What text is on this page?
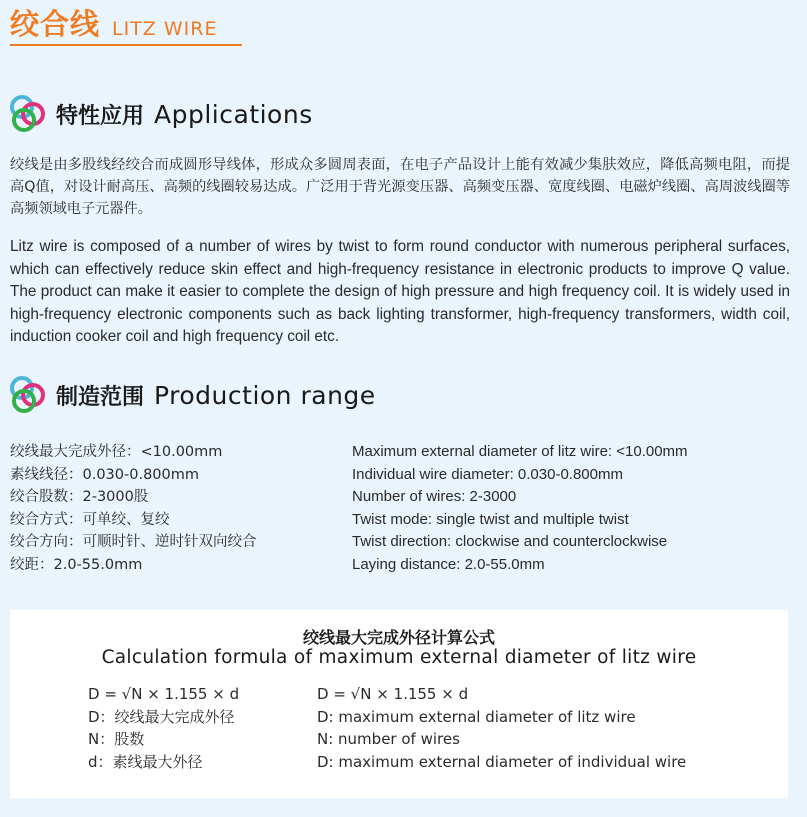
绞合线 LITZ WIRE
特性应用 Applications
绞线是由多股线经绞合而成圆形导线体，形成众多圆周表面，在电子产品设计上能有效减少集肤效应，降低高频电阻，而提高Q值，对设计耐高压、高频的线圈较易达成。广泛用于背光源变压器、高频变压器、宽度线圈、电磁炉线圈、高周波线圈等高频领域电子元器件。
Litz wire is composed of a number of wires by twist to form round conductor with numerous peripheral surfaces, which can effectively reduce skin effect and high-frequency resistance in electronic products to improve Q value. The product can make it easier to complete the design of high pressure and high frequency coil. It is widely used in high-frequency electronic components such as back lighting transformer, high-frequency transformers, width coil, induction cooker coil and high frequency coil etc.
制造范围 Production range
绞线最大完成外径：<10.00mm
素线线径：0.030-0.800mm
绞合股数：2-3000股
绞合方式：可单绞、复绞
绞合方向：可顺时针、逆时针双向绞合
绞距：2.0-55.0mm
Maximum external diameter of litz wire: <10.00mm
Individual wire diameter: 0.030-0.800mm
Number of wires: 2-3000
Twist mode: single twist and multiple twist
Twist direction: clockwise and counterclockwise
Laying distance: 2.0-55.0mm
绞线最大完成外径计算公式
Calculation formula of maximum external diameter of litz wire
D = √N × 1.155 × d
D：绞线最大完成外径
N：股数
d：素线最大外径
D = √N × 1.155 × d
D: maximum external diameter of litz wire
N: number of wires
D: maximum external diameter of individual wire
